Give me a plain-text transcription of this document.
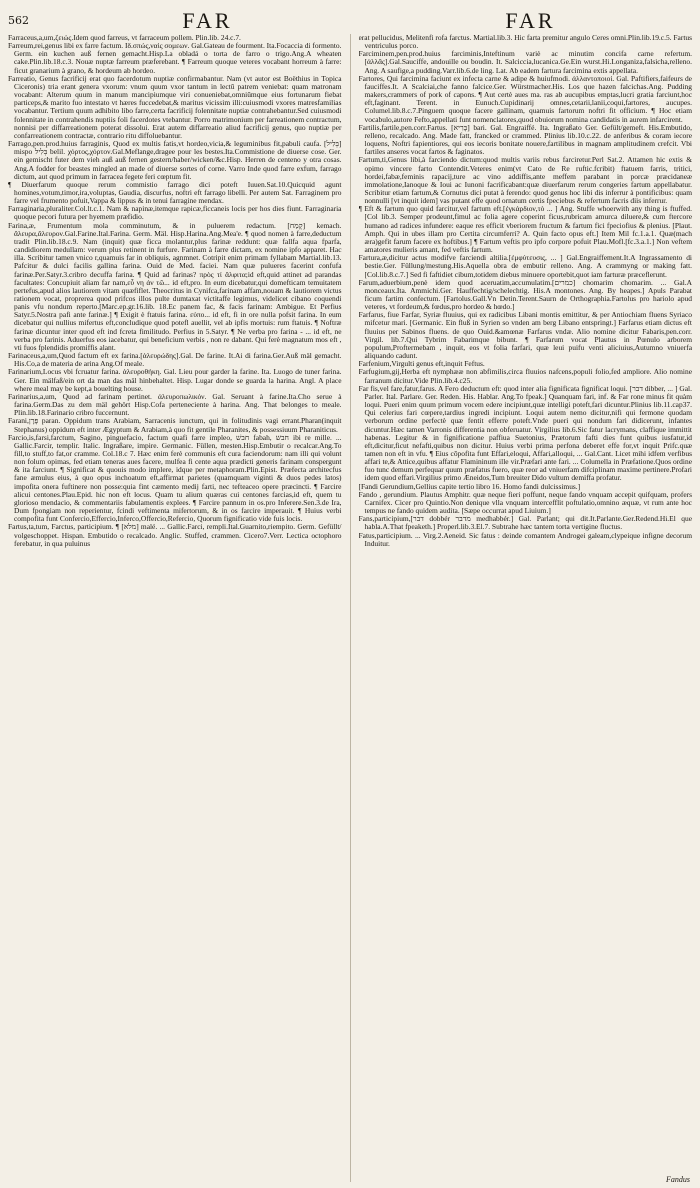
562	FAR	FAR

Farraceus,a,um,ζειώς.Idem quod farreus, vt farraceum pollem. Plin.lib. 24.c.7.

Farreum,rei,genus libi ex farre factum. Ιδ.σπώς,ναὶς σομεων. Gal.Gateau de fourment. Ita.Focaccia di formento. Germ. ein kuchen auß fernen gemacht.Hisp.La obladá o torta de farro o trigo.Ang.A wheaten cake.Plin.lib.18.c.3. Nouæ nuptæ farreum præferebant. ¶ Farreum quoque veteres vocabant horreum à farre: ficut granarium à grano, & hordeum ab hordeo.

Farreatio, Genus facrificij erat quo facerdotum nuptiæ confirmabantur. Nam (vt autor est Boëthius in Topica Ciceronis) tria erant genera vxorum: vnum quum vxor tantum in lectū patrem veniebat: quam matronam vocabant: Alterum quum in manum mancipiumque viri conueniebat,omniūmque eius fortunarum fiebat particeps,& marito fuo intestato vt hæres fuccedebat,& maritus vicissim illi:cuiusmodi vxores matresfamilias vocabantur. Tertium quum adhibito libo farre,certa facrificij folennitate nuptiæ contrahebantur.Sed cuiusmodi folennitate in contrahendis nuptiis foli facerdotes vtebantur. Porro matrimonium per farreationem contractum, nonnisi per diffarreationem poterat dissolui. Erat autem diffarreatio aliud facrificij genus, quo nuptiæ per confarreationem contractæ, contrario ritu diffoluebantur.

Farrago,pen.prod.huius farraginis, Quod ex multis fatis,vt hordeo,vicia,& leguminibus fit,pabuli caufa. [בְּלִיל] mispo בְּלִיל belil. χόρτος,χόρτον.Gal.Meflange,dragee pour les bestes.Ita.Commistione de diuerse cose. Ger. ein gemischt futer dem vieh auß auß fernen gestern/haber/wicken/&c.Hisp. Herren de centeno y otra cosas. Ang.A fodder for beastes mingled an made of diuerse sortes of corne. Varro Inde quod farre exfum, farrago dictum, aut quod primum in farracea fegete feri cœptum fit.

¶ Diuerfarum quoque rerum commistio farrago dici poteft Iuuen.Sat.10.Quicquid agunt homines,votum,timor,ira,voluptas, Gaudia, discurfus, noftri eft farrago libelli. Per autem Sat. Farraginem pro farre vel frumento pofuit,Vappa & lippus & in tenui farragine mendax.

Farraginaria,pluraliter.Col.lt.c.1. Nam & napinæ,itemque rapicæ,ficcaneis locis per hos dies fiunt. Farraginaria quoque pecori futura per hyemem præfidio.

Farina,æ, Frumentum mola comminutum, & in puluerem redactum. [קֶמַח] kemach. ἄλευρα,ἄλευρον.Gal.Farine.Ital.Farina. Germ. Mäl. Hisp.Harina.Ang.Mea'e. ¶ quod nomen à farre,deductum tradit Plin.lib.18.c.9. Nam (inquit) quæ ficca molantur,plus farinæ reddunt: quæ fallfa aqua fparfa, candidiorem medullam: verum plus retinent in furfure. Farinam à farre dictam, ex nomine ipfo apparet. Hac illa. Scribitur tamen vnico r,quamuis far in obliquis, agnmnet. Cotripit enim primam fyllabam Martial.lib.13. Pafcitur & dulci facilis gallina farina. Ouid de Med. faciei. Nam quæ pulueres facerint confufa farinæ.Per.Satyr.3.cribro decuffa farina. ¶ Quid ad farinas? πρὸς τί ἄλφιτα;id eft,quid attinet ad parandas facultates: Concupiuit aliam far nam,εὖ νη ἀν τῶ... id eft,pro. In eum dicebatur,qui domefticam temuitatem pertefus,apud alios lautiorem vitam quæfiflet. Theocritus in Cynifca,farinam affam,nouam & lautiorem victus rationem vocat, proprerea quod prifcos illos pulte dumtaxat victitaffe legimus, videlicet cibano coquendi panis vfu nondum reperto.[Marc.ep.gr.16.lib. 18.Ec panem fac, & facis farinam: Ambigue. Et Perfius Satyr.5.Nostra pafi ante farinæ.] ¶ Exigit è ftatuis farina. εὐπο... id eft, fi in ore nulla pofsit farina. In eum dicebatur qui nullius mifertus eft,concludique quod potefl auellit, vel ab ipfis mortuis: rum ftatuis. ¶ Noftræ farinæ dicuntur inter quod eft ind fcreta fimilitudo. Perfius in 5.Satyr. ¶ Ne verba pro farina - ... id eft, ne verba pro farinis. Aduerfus eos iacebatur, qui beneficium verbis , non re dabant. Qui ferè magnatum mos eft , vti fuos fplendidis promiffis alant.

Farinaceus,a,um,Quod factum eft ex farina.[ἀλευρώδης].Gal. De farine. It.Ai di farina.Ger.Auß mäl gemacht. His.Co,a de materia de arina Ang.Of meale.

Farinarium,Locus vbi fcruatur farina. ἀλευροθήκη. Gal. Lieu pour garder la farine. Ita. Luogo de tuner farina. Ger. Ein mälfaß/ein ort da man das mäl hinbehaltet. Hisp. Lugar donde se guarda la harina. Angl. A place where meal may be kept,a bouelting house.

Farinarius,a,um, Quod ad farinam pertinet. ἀλευροπωλικόν. Gal. Seruant à farine.Ita.Cho serue à farina.Germ.Das zu dem mäl gehört Hisp.Cofa perteneciente à harina. Ang. That belonges to meale. Plin.lib.18.Farinario cribro fuccernunt.

Farani,פָּרָן paran. Oppidum trans Arabiam, Sarracenis iunctum, qui in folitudinis vagi errant.Pharan(inquit Stephanus) oppidum eft inter Ægyptum & Arabiam,à quo fit gentile Pharanites, & possessiuum Pharaniticus.

Farcio,is,farsi,farctum, Sagino, pinguefacio, factum quafi farre impleo, חבשׁ fabah, חבש ibi re mille. ... Gallic.Farcir, templir. Italic. Ingraßare, impire. Germanic. Füllen, mesten.Hisp.Embutir o recalcar.Ang.To fill,to stuff,to fat,or cramme. Col.18.c 7. Hæc enim ferè communis eft cura faciendorum: nam illi qui volunt non folum opimas, fed etiam teneras aues facere, mulfea fi cente aqua prædicti generis farinam conspergunt & ita farciunt. ¶ Significat & quouis modo implere, idque per metaphoram.Plin.Epist. Præfecta architecfus fane æmulus eius, à quo opus inchoatum eft,affirmat parietes (quamquam viginti & duos pedes latos) impofita onera fuftinere non posse:quia fint cæmento medij farti, nec tefteaceo opere præcincti. ¶ Farcire alicui centones.Plau.Epid. hic non eft locus. Quam tu alium quæras cui centones farcias,id eft, quem tu glorioso mendacio, & commentariis fabulamentis explees. ¶ Farcire pannum in os.pro Inferere.Sen.3.de Ira, Dum fpongiam non reperientur, fcindi veftimenta mifertorum, & in os farcire imperauit. ¶ Huius verbi compofita funt Confercio,Effercio,Inferco,Offercio,Refercio, Quorum fignificatio vide fuis locis.

Fartus,ta,tum, Farctus, participium. ¶ [מלא] malé. ... Gallic.Farci, rempli.Ital.Guarnito,riempito. Germ. Gefüllt/ volgeschoppet. Hispan. Embutido o recalcado. Anglic. Stuffed, crammen. Cicero7.Verr. Lectica octophoro ferebatur, in qua puluinus

erat pellucidus, Melitenfi rofa farctus. Martial.lib.3. Hic farta premitur angulo Ceres omni.Plin.lib.19.c.5. Fartus ventriculus porco.

Farciminem,pen.prod.huius farciminis,Inteftinum variè ac minutim concifa carne refertum. [ἀλλᾶς].Gal.Sauciffe, andouille ou boudin. It. Salciccia,lucanica.Ge.Ein wurst.Hi.Longaniza,falsicha,relleno. Ang. A saufige,a pudding.Varr.lib.6.de ling. Lat. Ab eadem fartura farcimina extis appellata.

Fartores, Qui farcimina faciunt ex infecta carne & adipe & huiufmodi. ἀλλαντοποιοί. Gal. Paftifiers,faifeurs de fauciffes.It. A Scalciai,che fanno falcice.Ger. Würstmacher.His. Los que hazen falcichas.Ang. Pudding makers,crammers of pork of capons. ¶ Aut certè aues ma. ras ab aucupibus emptas,lucri gratia farciunt,hoc eft,faginant. Terent. in Eunuch.Cupidinarij omnes,cetarii,lanii,coqui,fartores, aucupes. Columel.lib.8.c.7.Pinguem quoque facere gallinam, quamuis fartorum noftri fit officium. ¶ Hoc etiam vocabulo,autore Fefto,appellati funt nomenclatores,quod obuiorum nomina candidatis in aurem infarcirent.

Fartilis,fartile,pen.corr.Fartus. [בָּרִיא] bari. Gal. Engraiffé. Ita. Ingraßato Ger. Gefült/gemeft. His.Embutido, relleno, recalcado. Ang. Made fatt, francked or crammed. Plinius lib.10.c.22. de anferibus & coram iecore loquens, Noftri fapientiores, qui eos iecoris bonitate nouere,fartilibus in magnam amplitudinem crefcit. Vbi fartiles anseres vocat fartos & faginatos.

Fartum,ti,Genus libi,à farciendo dictum:quod multis variis rebus farciretur.Perl Sat.2. Attamen hic extis & opimo vincere farto Contendit.Veteres enim(vt Cato de Re ruftic.fcribit) ftatuem farris, tritici, hordei,fabæ,feminis rapacij,ture ac vino addiffis,ante meffem parabant in porcæ præcidaneæ immolatione,Ianoque & Ioui ac Iunoni facrificabant:quæ diuerfarum rerum congeries fartum appellabatur. Scribitur etiam fartum,& Cornutus dici putat à ferendo: quod genus hoc libi dis inferrur à pontificibus: quam nonnulli [vt inquit idem] vas putant effe quod ornatum certis fpeciebus & refertum facris diis inferrur.

¶ Eft & fartum quo quid farcitur,vel fartum eft.[ἐγκάρδιον,τὸ ... ] Ang. Stuffe whoerwith any thing is ftuffed.[Col lib.3. Semper prodeunt,fimul ac folia agere coperint ficus,rubricam amurca diluere,& cum ftercore humano ad radices infundere: eaque res efficit vberiorem fructum & fartum fici fpeciofius & plenius. [Plaut. Amph. Qui in ubes illam pro Certita circumferri? A. Quin facto opus eft.] Item Mil fc.1.a.1. Quæ(mach æra)gefit farum facere ex hoftibus.] ¶ Fartum veftis pro ipfo corpore pofuit Plau.Mofl.[fc.3.a.1.] Non veftem amatores mulieris amant, fed veftis fartum.

Fartura,æ,dicitur actus modifve farciendi altilia.[ἐμφύτευσις, ... ] Gal.Engraiffement.It.A Ingrassamento di bestie.Ger. Füllung/mestung.His.Aquella obra de embutir relleno. Ang. A crammyng or making fatt. [Col.lib.8.c.7.] Sed fi faftidiet cibum,totidem diebus minuere oportebit,quot iam farturæ præceflerunt.

Farum,aduerbium,penè idem quod aceruatim,accumulatim.[כמרים] chomarim chomarim. ... Gal.A monceaux.Ita. Ammichi.Ger. Hauffechtig/schelechtig. His.A montones. Ang. By heapes.] Apuls Parabat ficum fartim confectum. [Fartolus.Gall.Vn Detin.Terent.Saurn de Orthographia.Fartolus pro hariolo apud veteres, vt fordeum,& fœdus,pro hordeo & hœdo.]

Farfarus, fiue Farfar, Syriæ fluuius, qui ex radicibus Libani montis emittitur, & per Antiochiam fluens Syriaco mifcetur mari. [Germanic. Ein fluß in Syrien so vnden am berg Libano entspringt.] Farfarus etiam dictus eft fluuius per Sabinos fluens. de quo Ouid.&amœnæ Farfarus vndæ. Alio nomine dicitur Fabaris,pen.corr. Virgil. lib.7.Qui Tybrim Fabarimque bibunt. ¶ Farfarum vocat Plautus in Pœnulo arborem populum,Proftermebam , inquit, eos vt folia farfari, quæ leui puifu venti aliciuius,Autumno vniuerfa aliquando cadunt.

Farfenium,Virgulti genus eft,inquit Feftus.

Farfugium,gij,Herba eft nymphææ non abfimilis,circa fluuios nafcens,populi folio,fed ampliore. Alio nomine farranum dicitur.Vide Plin.lib.4.c25.

Far fis,vel fare,fatur,farus. A Fero deductum eft: quod inter alia fignificata fignificat loqui. [דבר dibber, ... ] Gal. Parler. Ital. Parlare. Ger. Reden. His. Hablar. Ang.To fpeak.] Quanquam fari, inf. & Far rone minus fit quàm loqui. Pueri enim quum primum vocem edere incipiunt,quæ intelligi poteft,fari dicuntur.Plinius lib.11.cap37. Qui celerius fari cœpere,tardius ingredi incipiunt. Loqui autem nemo dicitur,nifi qui fermone quodam verborum ordine perfectè quæ fentit efferre poteft.Vnde pueri qui nondum fari didicerunt, infantes dicuntur.Hæc tamen Varronis differentia non obferuatur. Virgilius lib.6.Sic fatur lacrymans, claffique immittit habenas. Legitur & in fignificatione paffiua Suetonius, Prætorum fafti dies funt quibus iusfatur,id eft,dicitur,ficut nefafti,quibus non dicitur. Huius verbi prima perfona deberet effe for,vt inquit Prifc.quæ tamen non eft in vfu. ¶ Eius cōpofita funt Effari,eloqui, Affari,alloqui, ... Gal.Cant. Licet mihi idfem verfibus affari te,& Attice,quibus affatur Flamininum ille vir.Præfari ante fari. ... Columella in Præfatione.Quos ordine fuo tunc demum perfequar quum præfatus fuero, quæ reor ad vniuerfam difciplinam maxime pertinere.Profari idem quod effari.Virgilius primo Æneidos,Tum breuiter Dido vultum demiffa profatur.

[Fandi Gerundium,Gellius capite tertio libro 16. Homo fandi dulcissimus.]

Fando , gerundium. Plautus Amphitr. quæ neque fieri poffunt, neque fando vnquam accepit quifquam, profers Carnifex. Cicer pro Quintio.Non denique vlla vnquam intercefflit poftulatio,omnino æquæ, vt rum ante hoc tempus ne fando quidem audita. [Sæpe occurrat apud Liuium.]

Fans,participium,[דבר dobbér מדבר medhabbér.] Gal. Parlant; qui dit.It.Parlante.Ger.Redend.Hi.El que habla.A.That fpeaketh.] Properl.lib.3.El.7. Subtrahe hæc tantem torta vertigine fluctus.

Fatus,participium. ... Virg.2.Aeneid. Sic fatus : deinde comantem Androgei galeam,clypeique infigne decorum Induitur.

Fandus
